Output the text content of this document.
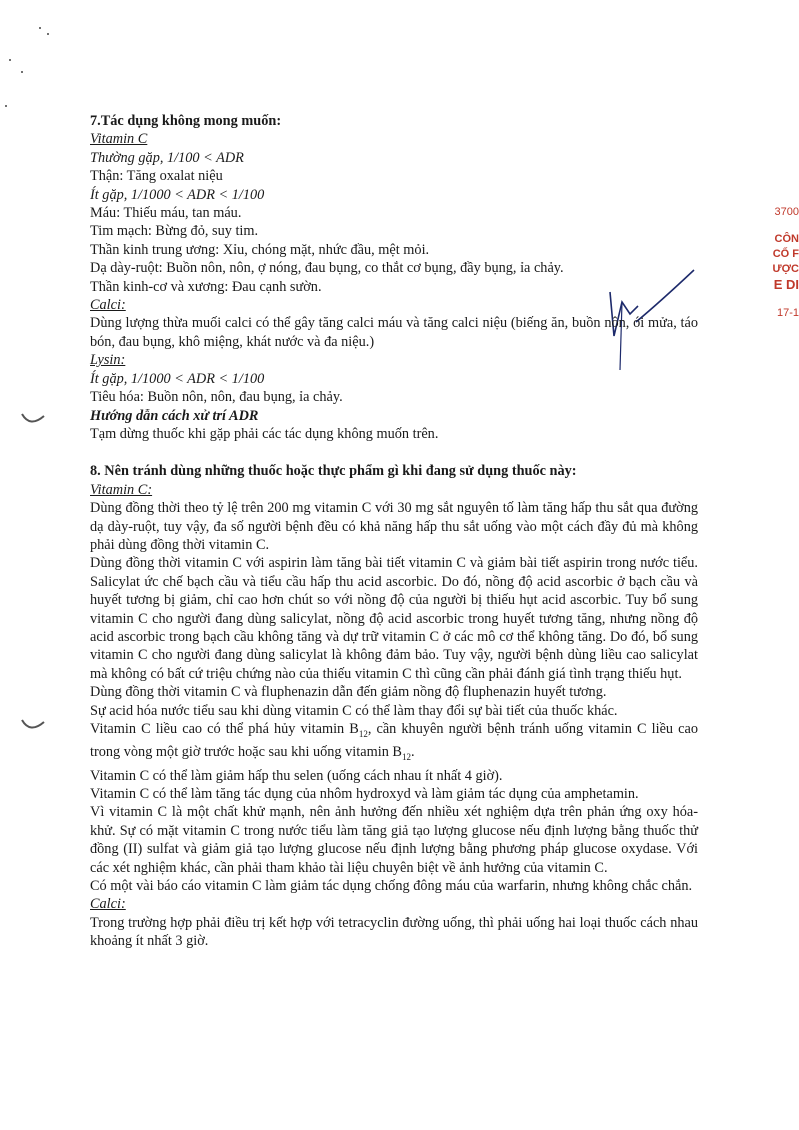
3700
CÔN
CỔ F
ƯỢC
E DI
17-1

7.Tác dụng không mong muốn:

Vitamin C

Thường gặp, 1/100 < ADR

Thận: Tăng oxalat niệu

Ít gặp, 1/1000 < ADR < 1/100

Máu: Thiếu máu, tan máu.

Tim mạch: Bừng đỏ, suy tim.

Thần kinh trung ương: Xỉu, chóng mặt, nhức đầu, mệt mỏi.

Dạ dày-ruột: Buồn nôn, nôn, ợ nóng, đau bụng, co thắt cơ bụng, đầy bụng, ỉa chảy.

Thần kinh-cơ và xương: Đau cạnh sườn.

Calci:

Dùng lượng thừa muối calci có thể gây tăng calci máu và tăng calci niệu (biếng ăn, buồn nôn, ói mửa, táo bón, đau bụng, khô miệng, khát nước và đa niệu.)

Lysin:

Ít gặp, 1/1000 < ADR < 1/100

Tiêu hóa: Buồn nôn, nôn, đau bụng, ỉa chảy.

Hướng dẫn cách xử trí ADR

Tạm dừng thuốc khi gặp phải các tác dụng không muốn trên.

8. Nên tránh dùng những thuốc hoặc thực phẩm gì khi đang sử dụng thuốc này:

Vitamin C:

Dùng đồng thời theo tỷ lệ trên 200 mg vitamin C với 30 mg sắt nguyên tố làm tăng hấp thu sắt qua đường dạ dày-ruột, tuy vậy, đa số người bệnh đều có khả năng hấp thu sắt uống vào một cách đầy đủ mà không phải dùng đồng thời vitamin C.

Dùng đồng thời vitamin C với aspirin làm tăng bài tiết vitamin C và giảm bài tiết aspirin trong nước tiểu. Salicylat ức chế bạch cầu và tiểu cầu hấp thu acid ascorbic. Do đó, nồng độ acid ascorbic ở bạch cầu và huyết tương bị giảm, chỉ cao hơn chút so với nồng độ của người bị thiếu hụt acid ascorbic. Tuy bổ sung vitamin C cho người đang dùng salicylat, nồng độ acid ascorbic trong huyết tương tăng, nhưng nồng độ acid ascorbic trong bạch cầu không tăng và dự trữ vitamin C ở các mô cơ thể không tăng. Do đó, bổ sung vitamin C cho người đang dùng salicylat là không đảm bảo. Tuy vậy, người bệnh dùng liều cao salicylat mà không có bất cứ triệu chứng nào của thiếu vitamin C thì cũng cần phải đánh giá tình trạng thiếu hụt.

Dùng đồng thời vitamin C và fluphenazin dẫn đến giảm nồng độ fluphenazin huyết tương.

Sự acid hóa nước tiểu sau khi dùng vitamin C có thể làm thay đổi sự bài tiết của thuốc khác.

Vitamin C liều cao có thể phá hủy vitamin $B_{12}$, cần khuyên người bệnh tránh uống vitamin C liều cao trong vòng một giờ trước hoặc sau khi uống vitamin $B_{12}$.

Vitamin C có thể làm giảm hấp thu selen (uống cách nhau ít nhất 4 giờ).

Vitamin C có thể làm tăng tác dụng của nhôm hydroxyd và làm giảm tác dụng của amphetamin.

Vì vitamin C là một chất khử mạnh, nên ảnh hưởng đến nhiều xét nghiệm dựa trên phản ứng oxy hóa-khử. Sự có mặt vitamin C trong nước tiểu làm tăng giả tạo lượng glucose nếu định lượng bằng thuốc thử đồng (II) sulfat và giảm giả tạo lượng glucose nếu định lượng bằng phương pháp glucose oxydase. Với các xét nghiệm khác, cần phải tham khảo tài liệu chuyên biệt về ảnh hưởng của vitamin C.

Có một vài báo cáo vitamin C làm giảm tác dụng chống đông máu của warfarin, nhưng không chắc chắn.

Calci:

Trong trường hợp phải điều trị kết hợp với tetracyclin đường uống, thì phải uống hai loại thuốc cách nhau khoảng ít nhất 3 giờ.
